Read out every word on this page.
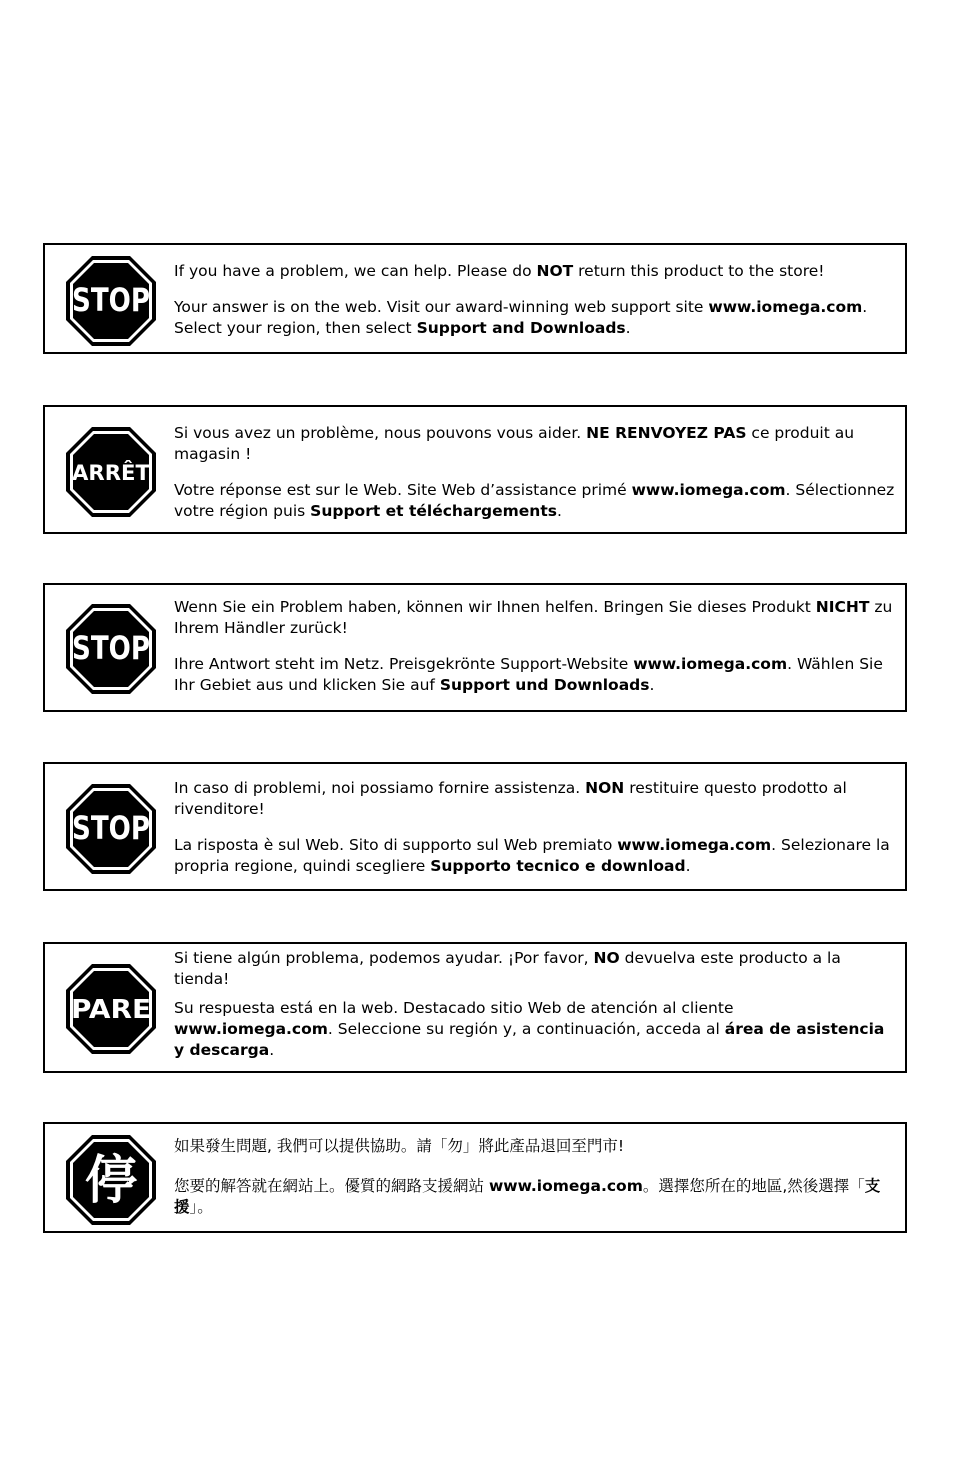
STOP

If you have a problem, we can help. Please do NOT return this product to the store!

Your answer is on the web. Visit our award-winning web support site www.iomega.com. Select your region, then select Support and Downloads.

ARRÊT

Si vous avez un problème, nous pouvons vous aider. NE RENVOYEZ PAS ce produit au magasin !

Votre réponse est sur le Web. Site Web d’assistance primé www.iomega.com. Sélectionnez votre région puis Support et téléchargements.

STOP

Wenn Sie ein Problem haben, können wir Ihnen helfen. Bringen Sie dieses Produkt NICHT zu Ihrem Händler zurück!

Ihre Antwort steht im Netz. Preisgekrönte Support-Website www.iomega.com. Wählen Sie Ihr Gebiet aus und klicken Sie auf Support und Downloads.

STOP

In caso di problemi, noi possiamo fornire assistenza. NON restituire questo prodotto al rivenditore!

La risposta è sul Web. Sito di supporto sul Web premiato www.iomega.com. Selezionare la propria regione, quindi scegliere Supporto tecnico e download.

PARE

Si tiene algún problema, podemos ayudar. ¡Por favor, NO devuelva este producto a la tienda!

Su respuesta está en la web. Destacado sitio Web de atención al cliente www.iomega.com. Seleccione su región y, a continuación, acceda al área de asistencia y descarga.

停

如果發生問題, 我們可以提供協助。請「勿」將此產品退回至門市!

您要的解答就在網站上。優質的網路支援網站 www.iomega.com。選擇您所在的地區,然後選擇「支援」。
